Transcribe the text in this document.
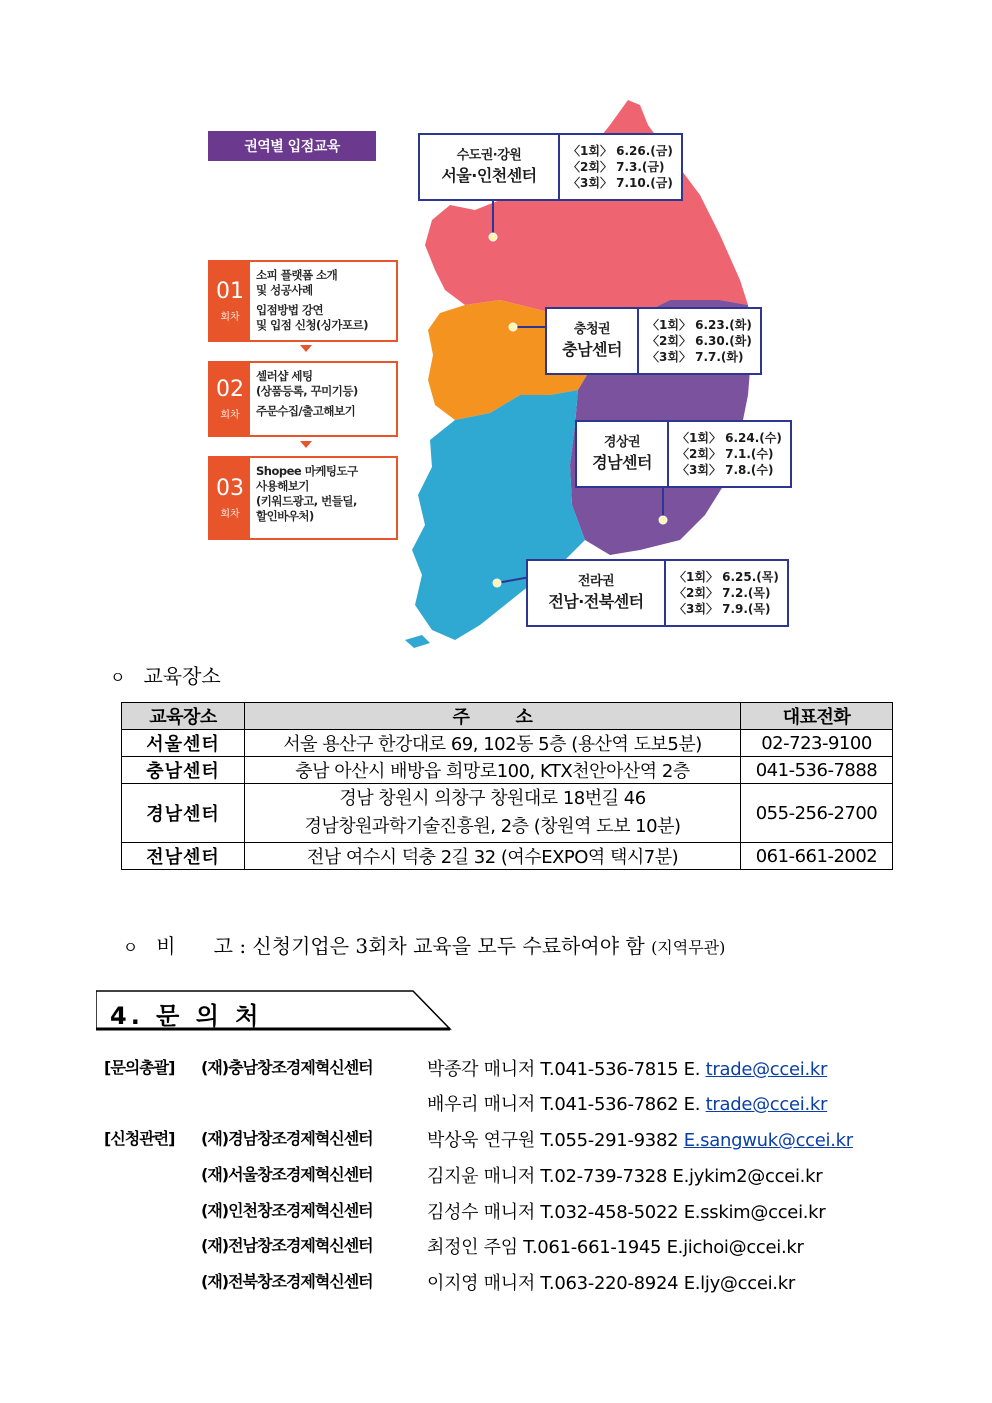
권역별 입점교육
01
회차
소피 플랫폼 소개
및 성공사례
입점방법 강연
및 입점 신청(싱가포르)
02
회차
셀러샵 세팅
(상품등록, 꾸미기등)
주문수집/출고해보기
03
회차
Shopee 마케팅도구
사용해보기
(키워드광고, 번들딜,
할인바우처)
수도권·강원
서울·인천센터
〈1회〉 6.26.(금)
〈2회〉 7.3.(금)
〈3회〉 7.10.(금)
충청권
충남센터
〈1회〉 6.23.(화)
〈2회〉 6.30.(화)
〈3회〉 7.7.(화)
경상권
경남센터
〈1회〉 6.24.(수)
〈2회〉 7.1.(수)
〈3회〉 7.8.(수)
전라권
전남·전북센터
〈1회〉 6.25.(목)
〈2회〉 7.2.(목)
〈3회〉 7.9.(목)
ㅇ 교육장소
교육장소	주        소	대표전화
서울센터	서울 용산구 한강대로 69, 102동 5층 (용산역 도보5분)	02-723-9100
충남센터	충남 아산시 배방읍 희망로100, KTX천안아산역 2층	041-536-7888
경남센터	경남 창원시 의창구 창원대로 18번길 46
경남창원과학기술진흥원, 2층 (창원역 도보 10분)	055-256-2700
전남센터	전남 여수시 덕충 2길 32 (여수EXPO역 택시7분)	061-661-2002

ㅇ 비      고 : 신청기업은 3회차 교육을 모두 수료하여야 함 (지역무관)

4. 문 의 처
[문의총괄] (재)충남창조경제혁신센터	박종각 매니저 T.041-536-7815 E. trade@ccei.kr
배우리 매니저 T.041-536-7862 E. trade@ccei.kr
[신청관련] (재)경남창조경제혁신센터	박상욱 연구원 T.055-291-9382 E.sangwuk@ccei.kr
(재)서울창조경제혁신센터	김지윤 매니저 T.02-739-7328 E.jykim2@ccei.kr
(재)인천창조경제혁신센터	김성수 매니저 T.032-458-5022 E.sskim@ccei.kr
(재)전남창조경제혁신센터	최정인 주임 T.061-661-1945 E.jichoi@ccei.kr
(재)전북창조경제혁신센터	이지영 매니저 T.063-220-8924 E.ljy@ccei.kr
